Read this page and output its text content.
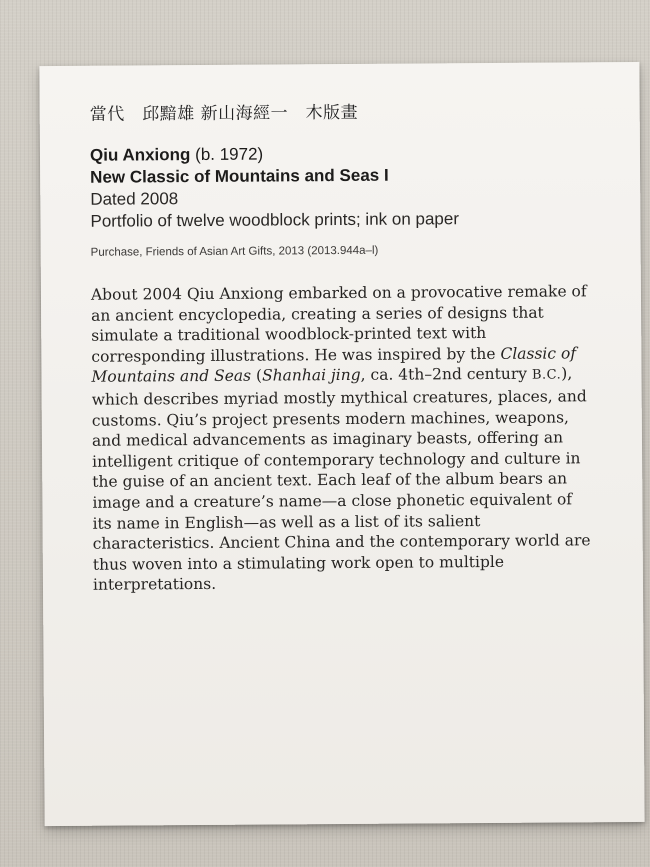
當代　邱黯雄 新山海經一　木版畫
Qiu Anxiong (b. 1972)
New Classic of Mountains and Seas I
Dated 2008
Portfolio of twelve woodblock prints; ink on paper
Purchase, Friends of Asian Art Gifts, 2013 (2013.944a–l)

About 2004 Qiu Anxiong embarked on a provocative remake of an ancient encyclopedia, creating a series of designs that simulate a traditional woodblock-printed text with corresponding illustrations. He was inspired by the Classic of Mountains and Seas (Shanhai jing, ca. 4th–2nd century B.C.), which describes myriad mostly mythical creatures, places, and customs. Qiu’s project presents modern machines, weapons, and medical advancements as imaginary beasts, offering an intelligent critique of contemporary technology and culture in the guise of an ancient text. Each leaf of the album bears an image and a creature’s name—a close phonetic equivalent of its name in English—as well as a list of its salient characteristics. Ancient China and the contemporary world are thus woven into a stimulating work open to multiple interpretations.
